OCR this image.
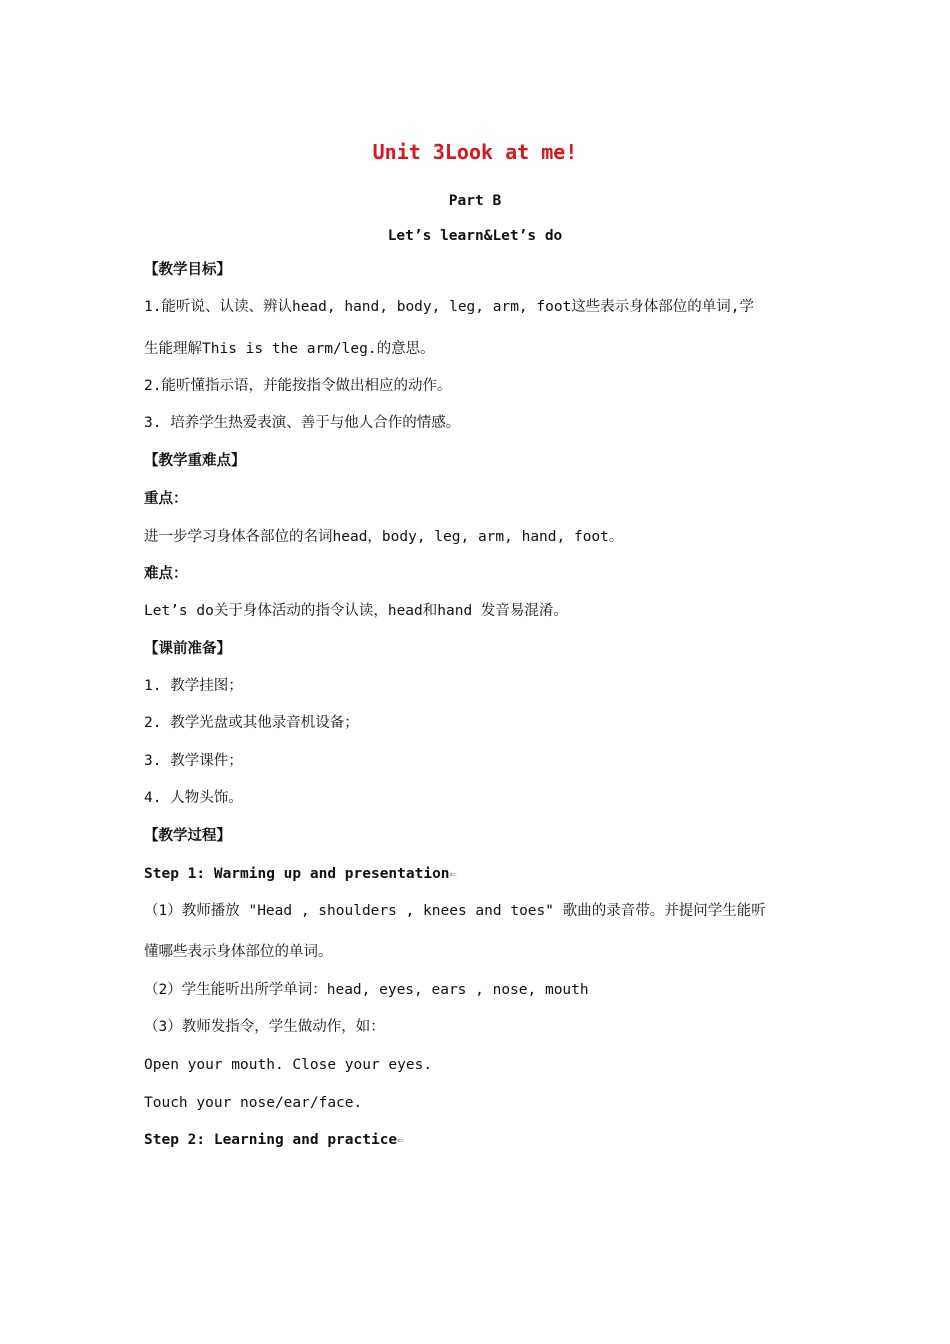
Unit 3Look at me!
Part B
Let’s learn&Let’s do
【教学目标】
1.能听说、认读、辨认head, hand, body, leg, arm, foot这些表示身体部位的单词,学
生能理解This is the arm/leg.的意思。
2.能听懂指示语，并能按指令做出相应的动作。
3. 培养学生热爱表演、善于与他人合作的情感。
【教学重难点】
重点：
进一步学习身体各部位的名词head，body, leg, arm, hand, foot。
难点：
Let’s do关于身体活动的指令认读，head和hand 发音易混淆。
【课前准备】
1. 教学挂图；
2. 教学光盘或其他录音机设备；
3. 教学课件；
4. 人物头饰。
【教学过程】
Step 1: Warming up and presentation⇐
（1）教师播放 "Head , shoulders , knees and toes" 歌曲的录音带。并提问学生能听
懂哪些表示身体部位的单词。
（2）学生能听出所学单词：head, eyes, ears , nose, mouth
（3）教师发指令，学生做动作，如：
Open your mouth. Close your eyes.
Touch your nose/ear/face.
Step 2: Learning and practice⇐
